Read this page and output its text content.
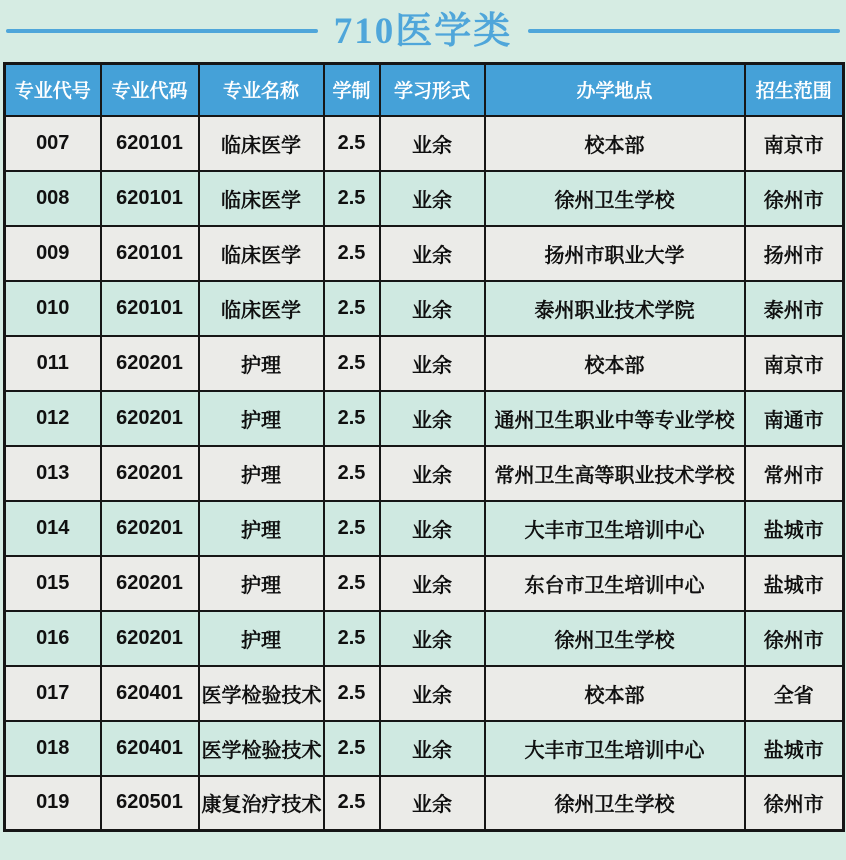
710医学类
专业代号	专业代码	专业名称	学制	学习形式	办学地点	招生范围
007	620101	临床医学	2.5	业余	校本部	南京市
008	620101	临床医学	2.5	业余	徐州卫生学校	徐州市
009	620101	临床医学	2.5	业余	扬州市职业大学	扬州市
010	620101	临床医学	2.5	业余	泰州职业技术学院	泰州市
011	620201	护理	2.5	业余	校本部	南京市
012	620201	护理	2.5	业余	通州卫生职业中等专业学校	南通市
013	620201	护理	2.5	业余	常州卫生高等职业技术学校	常州市
014	620201	护理	2.5	业余	大丰市卫生培训中心	盐城市
015	620201	护理	2.5	业余	东台市卫生培训中心	盐城市
016	620201	护理	2.5	业余	徐州卫生学校	徐州市
017	620401	医学检验技术	2.5	业余	校本部	全省
018	620401	医学检验技术	2.5	业余	大丰市卫生培训中心	盐城市
019	620501	康复治疗技术	2.5	业余	徐州卫生学校	徐州市
